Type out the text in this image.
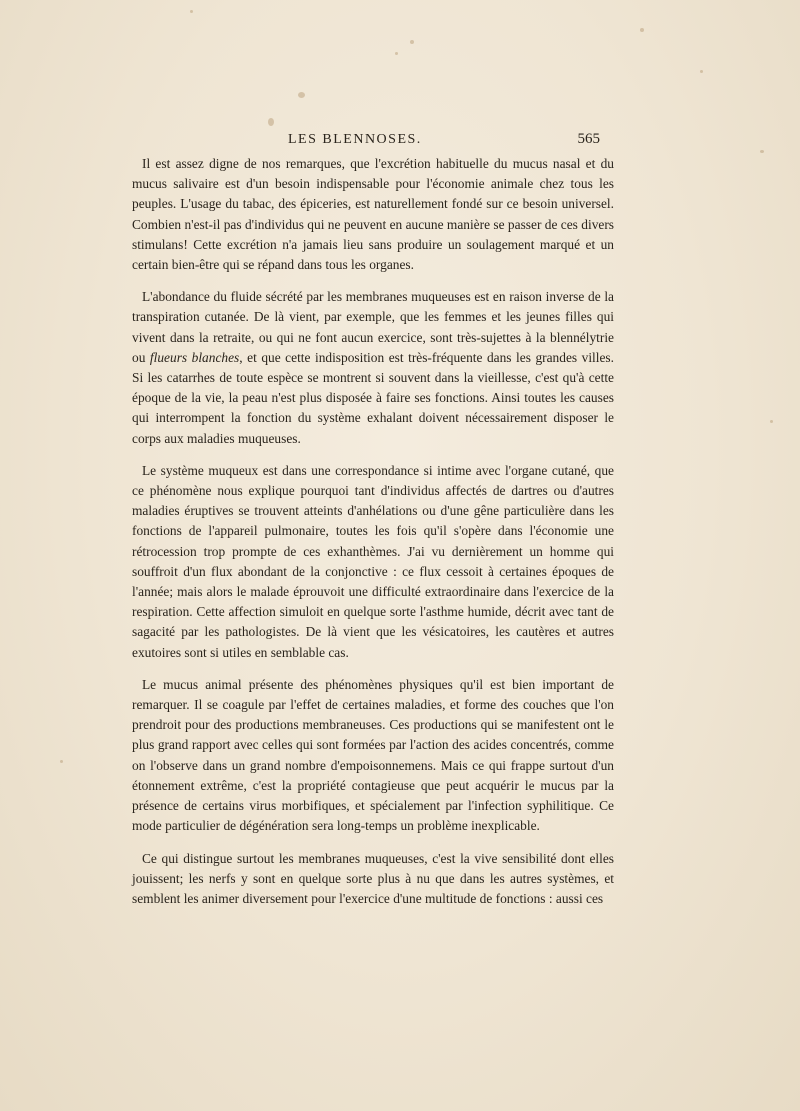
LES BLENNOSES.	565

Il est assez digne de nos remarques, que l'excrétion habituelle du mucus nasal et du mucus salivaire est d'un besoin indispensable pour l'économie animale chez tous les peuples. L'usage du tabac, des épiceries, est naturellement fondé sur ce besoin universel. Combien n'est-il pas d'individus qui ne peuvent en aucune manière se passer de ces divers stimulans! Cette excrétion n'a jamais lieu sans produire un soulagement marqué et un certain bien-être qui se répand dans tous les organes.

L'abondance du fluide sécrété par les membranes muqueuses est en raison inverse de la transpiration cutanée. De là vient, par exemple, que les femmes et les jeunes filles qui vivent dans la retraite, ou qui ne font aucun exercice, sont très-sujettes à la blennélytrie ou flueurs blanches, et que cette indisposition est très-fréquente dans les grandes villes. Si les catarrhes de toute espèce se montrent si souvent dans la vieillesse, c'est qu'à cette époque de la vie, la peau n'est plus disposée à faire ses fonctions. Ainsi toutes les causes qui interrompent la fonction du système exhalant doivent nécessairement disposer le corps aux maladies muqueuses.

Le système muqueux est dans une correspondance si intime avec l'organe cutané, que ce phénomène nous explique pourquoi tant d'individus affectés de dartres ou d'autres maladies éruptives se trouvent atteints d'anhélations ou d'une gêne particulière dans les fonctions de l'appareil pulmonaire, toutes les fois qu'il s'opère dans l'économie une rétrocession trop prompte de ces exhanthèmes. J'ai vu dernièrement un homme qui souffroit d'un flux abondant de la conjonctive : ce flux cessoit à certaines époques de l'année; mais alors le malade éprouvoit une difficulté extraordinaire dans l'exercice de la respiration. Cette affection simuloit en quelque sorte l'asthme humide, décrit avec tant de sagacité par les pathologistes. De là vient que les vésicatoires, les cautères et autres exutoires sont si utiles en semblable cas.

Le mucus animal présente des phénomènes physiques qu'il est bien important de remarquer. Il se coagule par l'effet de certaines maladies, et forme des couches que l'on prendroit pour des productions membraneuses. Ces productions qui se manifestent ont le plus grand rapport avec celles qui sont formées par l'action des acides concentrés, comme on l'observe dans un grand nombre d'empoisonnemens. Mais ce qui frappe surtout d'un étonnement extrême, c'est la propriété contagieuse que peut acquérir le mucus par la présence de certains virus morbifiques, et spécialement par l'infection syphilitique. Ce mode particulier de dégénération sera long-temps un problème inexplicable.

Ce qui distingue surtout les membranes muqueuses, c'est la vive sensibilité dont elles jouissent; les nerfs y sont en quelque sorte plus à nu que dans les autres systèmes, et semblent les animer diversement pour l'exercice d'une multitude de fonctions : aussi ces
